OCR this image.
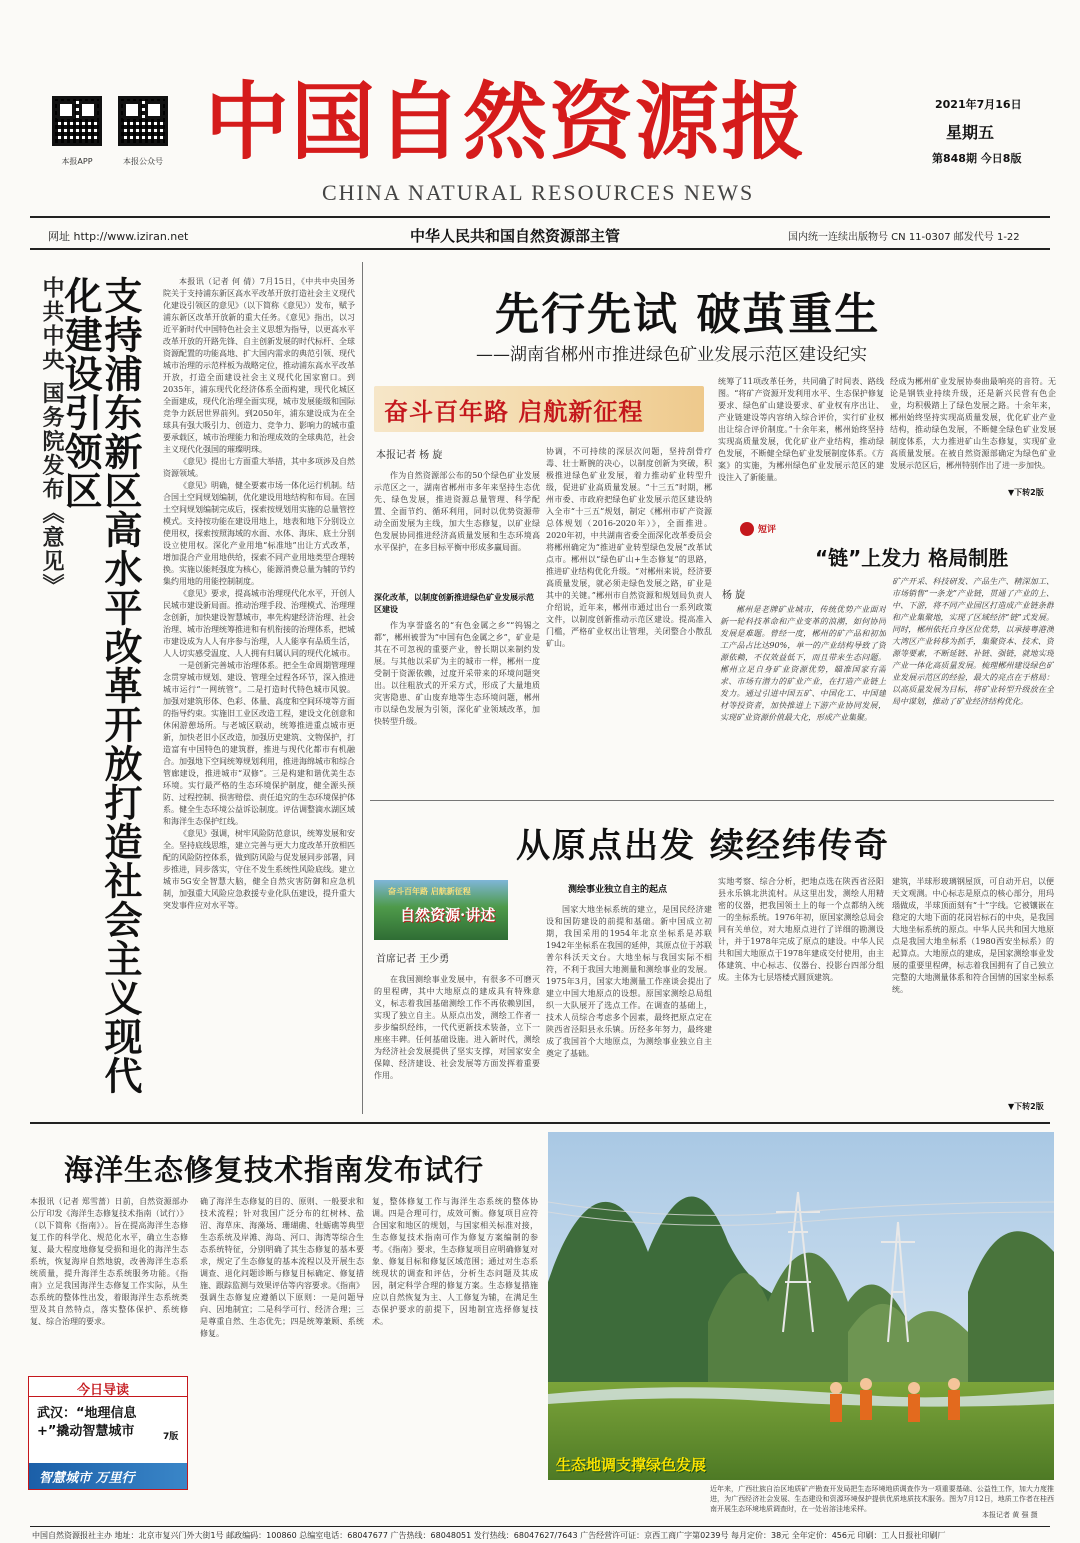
本报APP	本报公众号 中国自然资源报
CHINA NATURAL RESOURCES NEWS
2021年7月16日
星期五
第848期 今日8版
网址 http://www.iziran.net	中华人民共和国自然资源部主管	国内统一连续出版物号 CN 11-0307 邮发代号 1-22
中共中央 国务院发布《意见》 支持浦东新区高水平改革开放打造社会主义现代化建设引领区	本报讯（记者 何 倩）7月15日，《中共中央国务院关于支持浦东新区高水平改革开放打造社会主义现代化建设引领区的意见》（以下简称《意见》）发布，赋予浦东新区改革开放新的重大任务。《意见》指出，以习近平新时代中国特色社会主义思想为指导，以更高水平改革开放的开路先锋、自主创新发展的时代标杆、全球资源配置的功能高地、扩大国内需求的典范引领、现代城市治理的示范样板为战略定位，推动浦东高水平改革开放，打造全面建设社会主义现代化国家窗口。到2035年，浦东现代化经济体系全面构建，现代化城区全面建成，现代化治理全面实现，城市发展能级和国际竞争力跃居世界前列。到2050年，浦东建设成为在全球具有强大吸引力、创造力、竞争力、影响力的城市重要承载区，城市治理能力和治理成效的全球典范，社会主义现代化强国的璀璨明珠。

《意见》提出七方面重大举措，其中多项涉及自然资源领域。

《意见》明确，健全要素市场一体化运行机制。结合国土空间规划编制，优化建设用地结构和布局。在国土空间规划编制完成后，探索按规划用实施的总量管控模式。支持按功能在建设用地上，地表和地下分别设立使用权，探索按照海域的水面、水体、海床、底土分别设立使用权。深化产业用地“标准地”出让方式改革，增加混合产业用地供给，探索不同产业用地类型合理转换。实施以能耗强度为核心，能源消费总量为辅的节约集约用地的用能控制制度。

《意见》要求，提高城市治理现代化水平，开创人民城市建设新局面。推动治理手段、治理模式、治理理念创新，加快建设智慧城市，率先构建经济治理、社会治理、城市治理统筹推进和有机衔接的治理体系，把城市建设成为人人有序参与治理，人人能享有品质生活，人人切实感受温度、人人拥有归属认同的现代化城市。

一是创新完善城市治理体系。把全生命周期管理理念贯穿城市规划、建设、管理全过程各环节，深入推进城市运行“一网统管”。二是打造时代特色城市风貌。加强对建筑形体、色彩、体量、高度和空间环境等方面的指导约束。实施旧工业区改造工程，建设文化创意和休闲游憩场所。与老城区联动，统筹推进重点城市更新，加快老旧小区改造，加强历史建筑、文物保护，打造富有中国特色的建筑群，推进与现代化都市有机融合。加强地下空间统筹规划利用，推进海绵城市和综合管廊建设，推进城市“双修”。三是构建和谐优美生态环境。实行最严格的生态环境保护制度，健全源头预防、过程控制、损害赔偿、责任追究的生态环境保护体系。健全生态环境公益诉讼制度。评估调整滴水湖区域和海洋生态保护红线。

《意见》强调，树牢风险防范意识，统筹发展和安全。坚持底线思维，建立完善与更大力度改革开放相匹配的风险防控体系，做到防风险与促发展同步部署，同步推进，同步落实，守住不发生系统性风险底线。建立城市5G安全智慧大脑，健全自然灾害防御和应急机制，加强重大风险应急救援专业化队伍建设，提升重大突发事件应对水平等。

先行先试 破茧重生
——湖南省郴州市推进绿色矿业发展示范区建设纪实
奋斗百年路 启航新征程
本报记者 杨 旋
作为自然资源部公布的50个绿色矿业发展示范区之一，湖南省郴州市多年来坚持生态优先、绿色发展，推进资源总量管理、科学配置、全面节约、循环利用，同时以优势资源带动全面发展为主线，加大生态修复，以矿业绿色发展协同推进经济高质量发展和生态环境高水平保护，在多目标平衡中形成多赢局面。
深化改革，以制度创新推进绿色矿业发展示范区建设
作为享誉盛名的“有色金属之乡”“钨锡之都”，郴州被誉为“中国有色金属之乡”，矿业是其在不可忽视的重要产业，曾长期以来制约发展。与其他以采矿为主的城市一样，郴州一度受制于资源依赖，过度开采带来的环境问题突出。以往粗放式的开采方式，形成了大量地质灾害隐患、矿山废弃地等生态环境问题，郴州市以绿色发展为引领，深化矿业领域改革，加快转型升级。
协调，不可持续的深层次问题，坚持刮骨疗毒、壮士断腕的决心，以制度创新为突破，积极推进绿色矿业发展，着力推动矿业转型升级，促进矿业高质量发展。“十三五”时期，郴州市委、市政府把绿色矿业发展示范区建设纳入全市“十三五”规划，制定《郴州市矿产资源总体规划（2016-2020年）》，全面推进。2020年初，中共湖南省委全面深化改革委员会将郴州确定为“推进矿业转型绿色发展”改革试点市。郴州以“绿色矿山+生态修复”的思路，推进矿业结构优化升级。“对郴州来说，经济要高质量发展，就必须走绿色发展之路，矿业是其中的关键。”郴州市自然资源和规划局负责人介绍说，近年来，郴州市通过出台一系列政策文件，以制度创新推动示范区建设。提高准入门槛，严格矿业权出让管理，关闭整合小散乱矿山。
统筹了11项改革任务，共同确了时间表、路线图。“将矿产资源开发利用水平、生态保护修复要求、绿色矿山建设要求、矿业权有序出让、产业链建设等内容纳入综合评价，实行矿业权出让综合评价制度。”十余年来，郴州始终坚持实现高质量发展，优化矿业产业结构，推动绿色发展，不断健全绿色矿业发展制度体系。《方案》的实施，为郴州绿色矿业发展示范区的建设注入了新能量。
经成为郴州矿业发展协奏曲最响亮的音符。无论是钢铁业持续升级，还是新兴民营有色企业，均积极踏上了绿色发展之路。十余年来，郴州始终坚持实现高质量发展，优化矿业产业结构，推动绿色发展，不断健全绿色矿业发展制度体系，大力推进矿山生态修复，实现矿业高质量发展。在被自然资源部确定为绿色矿业发展示范区后，郴州特别作出了进一步加快。
▼下转2版
短评
“链”上发力 格局制胜
杨 旋
郴州是老牌矿业城市，传统优势产业面对新一轮科技革命和产业变革的浪潮，如何协同发展是难题。曾经一度，郴州的矿产品和初加工产品占比达90%，单一的产业结构导致了资源依赖，不仅效益低下，而且带来生态问题。郴州立足自身矿业资源优势，瞄准国家有需求、市场有潜力的矿业产业，在打造产业链上发力。通过引进中国五矿、中国化工、中国建材等投资者，加快推进上下游产业协同发展，实现矿业资源价值最大化，形成产业集聚。
矿产开采、科技研发、产品生产、精深加工、市场销售“一条龙”产业链，贯通了产业的上、中、下游，将不同产业园区打造成产业链条群和产业集聚地，实现了区域经济“链”式发展。同时，郴州依托自身区位优势，以承接粤港澳大湾区产业转移为抓手，集聚资本、技术、资源等要素，不断延链、补链、强链，就地实现产业一体化高质量发展。梳理郴州建设绿色矿业发展示范区的经验，最大的亮点在于格局：以高质量发展为目标，将矿业转型升级放在全局中谋划，推动了矿业经济结构优化。
从原点出发 续经纬传奇
奋斗百年路 启航新征程
自然资源·讲述
首席记者 王少勇
在我国测绘事业发展中，有很多不可磨灭的里程碑，其中大地原点的建成具有特殊意义，标志着我国基础测绘工作不再依赖别国，实现了独立自主。从原点出发，测绘工作者一步步编织经纬，一代代更新技术装备，立下一座座丰碑。任何基础设施。进入新时代，测绘为经济社会发展提供了坚实支撑，对国家安全保障、经济建设、社会发展等方面发挥着重要作用。
测绘事业独立自主的起点
国家大地坐标系统的建立，是国民经济建设和国防建设的前提和基础。新中国成立初期，我国采用的1954年北京坐标系是苏联1942年坐标系在我国的延伸，其原点位于苏联普尔科沃天文台。大地坐标与我国实际不相符，不利于我国大地测量和测绘事业的发展。1975年3月，国家大地测量工作座谈会提出了建立中国大地原点的设想。原国家测绘总局组织一大队展开了选点工作。在调查的基础上，技术人员综合考虑多个因素，最终把原点定在陕西省泾阳县永乐镇。历经多年努力，最终建成了我国首个大地原点，为测绘事业独立自主奠定了基础。
实地考察、综合分析，把地点选在陕西省泾阳县永乐镇北洪流村。从这里出发，测绘人用精密的仪器，把我国领土上的每一个点都纳入统一的坐标系统。1976年初，原国家测绘总局会同有关单位，对大地原点进行了详细的勘测设计，并于1978年完成了原点的建设。中华人民共和国大地原点于1978年建成交付使用，由主体建筑、中心标志、仪器台、投影台四部分组成。主体为七层塔楼式圆顶建筑。
建筑，半球形玻璃钢屋顶，可自动开启，以便天文观测。中心标志是原点的核心部分，用玛瑙做成，半球顶面刻有“十”字线。它被镶嵌在稳定的大地下面的花岗岩标石的中央，是我国大地坐标系统的原点。中华人民共和国大地原点是我国大地坐标系（1980西安坐标系）的起算点。大地原点的建成，是国家测绘事业发展的重要里程碑，标志着我国拥有了自己独立完整的大地测量体系和符合国情的国家坐标系统。
▼下转2版
海洋生态修复技术指南发布试行
本报讯（记者 郑雪蔷）日前，自然资源部办公厅印发《海洋生态修复技术指南（试行）》（以下简称《指南》）。旨在提高海洋生态修复工作的科学化、规范化水平，确立生态修复、最大程度地修复受损和退化的海洋生态系统，恢复海岸自然地貌，改善海洋生态系统质量，提升海洋生态系统服务功能。《指南》立足我国海洋生态修复工作实际，从生态系统的整体性出发，着眼海洋生态系统类型及其自然特点，落实整体保护、系统修复、综合治理的要求。
确了海洋生态修复的目的、原则、一般要求和技术流程；针对我国广泛分布的红树林、盐沼、海草床、海藻场、珊瑚礁、牡蛎礁等典型生态系统及岸滩、海岛、河口、海湾等综合生态系统特征，分别明确了其生态修复的基本要求，规定了生态修复的基本流程以及开展生态调查、退化问题诊断与修复目标确定、修复措施、跟踪监测与效果评估等内容要求。《指南》强调生态修复应遵循以下原则：一是问题导向、因地制宜；二是科学可行、经济合理；三是尊重自然、生态优先；四是统筹兼顾、系统修复。
复，整体修复工作与海洋生态系统的整体协调。四是合理可行，成效可衡。修复项目应符合国家和地区的规划，与国家相关标准对接，生态修复技术指南可作为修复方案编制的参考。《指南》要求，生态修复项目应明确修复对象、修复目标和修复区域范围；通过对生态系统现状的调查和评估，分析生态问题及其成因，制定科学合理的修复方案。生态修复措施应以自然恢复为主、人工修复为辅，在满足生态保护要求的前提下，因地制宜选择修复技术。
今日导读
武汉：“地理信息+”撬动智慧城市	7版
智慧城市 万里行
生态地调支撑绿色发展
近年来，广西壮族自治区地质矿产勘查开发局把生态环境地质调查作为一项重要基础、公益性工作，加大力度推进，为广西经济社会发展、生态建设和资源环境保护提供优质地质技术服务。图为7月12日，地质工作者在桂西南开展生态环境地质调查时，在一处岩溶洼地采样。
本报记者 黄 强 摄
中国自然资源报社主办 地址：北京市复兴门外大街1号 邮政编码：100860 总编室电话：68047677 广告热线：68048051 发行热线：68047627/7643 广告经营许可证：京西工商广字第0239号 每月定价：38元 全年定价：456元 印刷：工人日报社印刷厂
